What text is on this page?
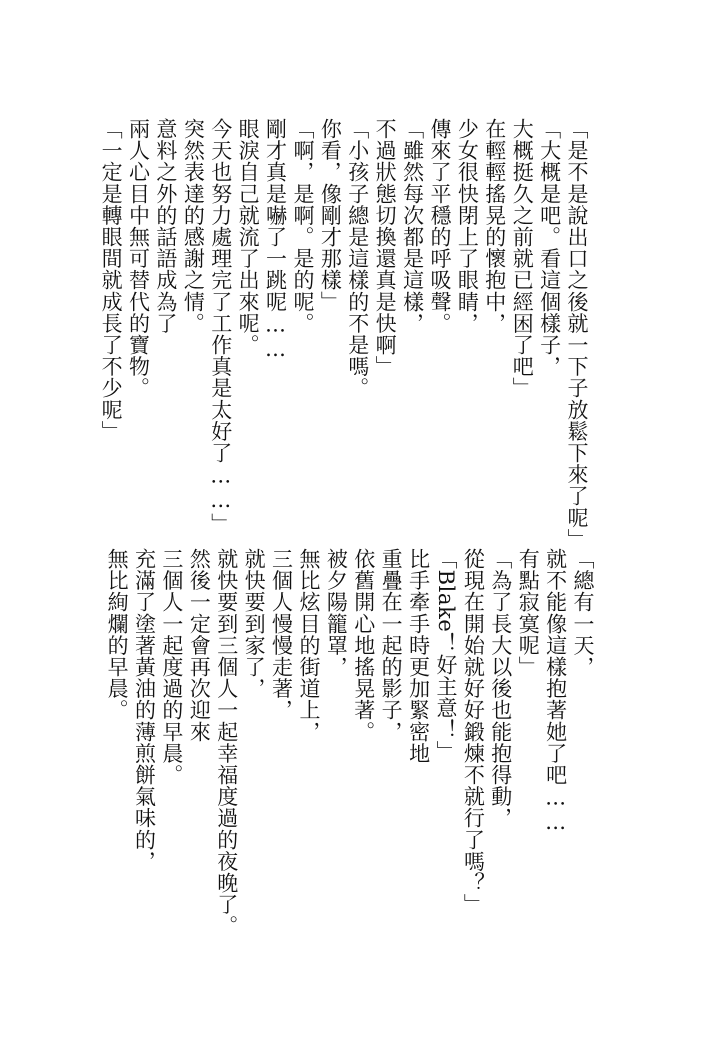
「是不是說出口之後就一下子放鬆下來了呢」
「大概是吧。看這個樣子，
大概挺久之前就已經困了吧」
在輕輕搖晃的懷抱中，
少女很快閉上了眼睛，
傳來了平穩的呼吸聲。
「雖然每次都是這樣，
不過狀態切換還真是快啊」
「小孩子總是這樣的不是嗎。
你看，像剛才那樣」
「啊，是啊。是的呢。
剛才真是嚇了一跳呢……
眼淚自己就流了出來呢。
今天也努力處理完了工作真是太好了……」
突然表達的感謝之情。
意料之外的話語成為了
兩人心目中無可替代的寶物。
「一定是轉眼間就成長了不少呢」
「總有一天，
就不能像這樣抱著她了吧……
有點寂寞呢」
「為了長大以後也能抱得動，
從現在開始就好好鍛煉不就行了嗎？」
「Blake！好主意！」
比手牽手時更加緊密地
重疊在一起的影子，
依舊開心地搖晃著。
被夕陽籠罩，
無比炫目的街道上，
三個人慢慢走著，
就快要到家了，
就快要到三個人一起幸福度過的夜晚了。
然後一定會再次迎來
三個人一起度過的早晨。
充滿了塗著黃油的薄煎餅氣味的，
無比絢爛的早晨。
